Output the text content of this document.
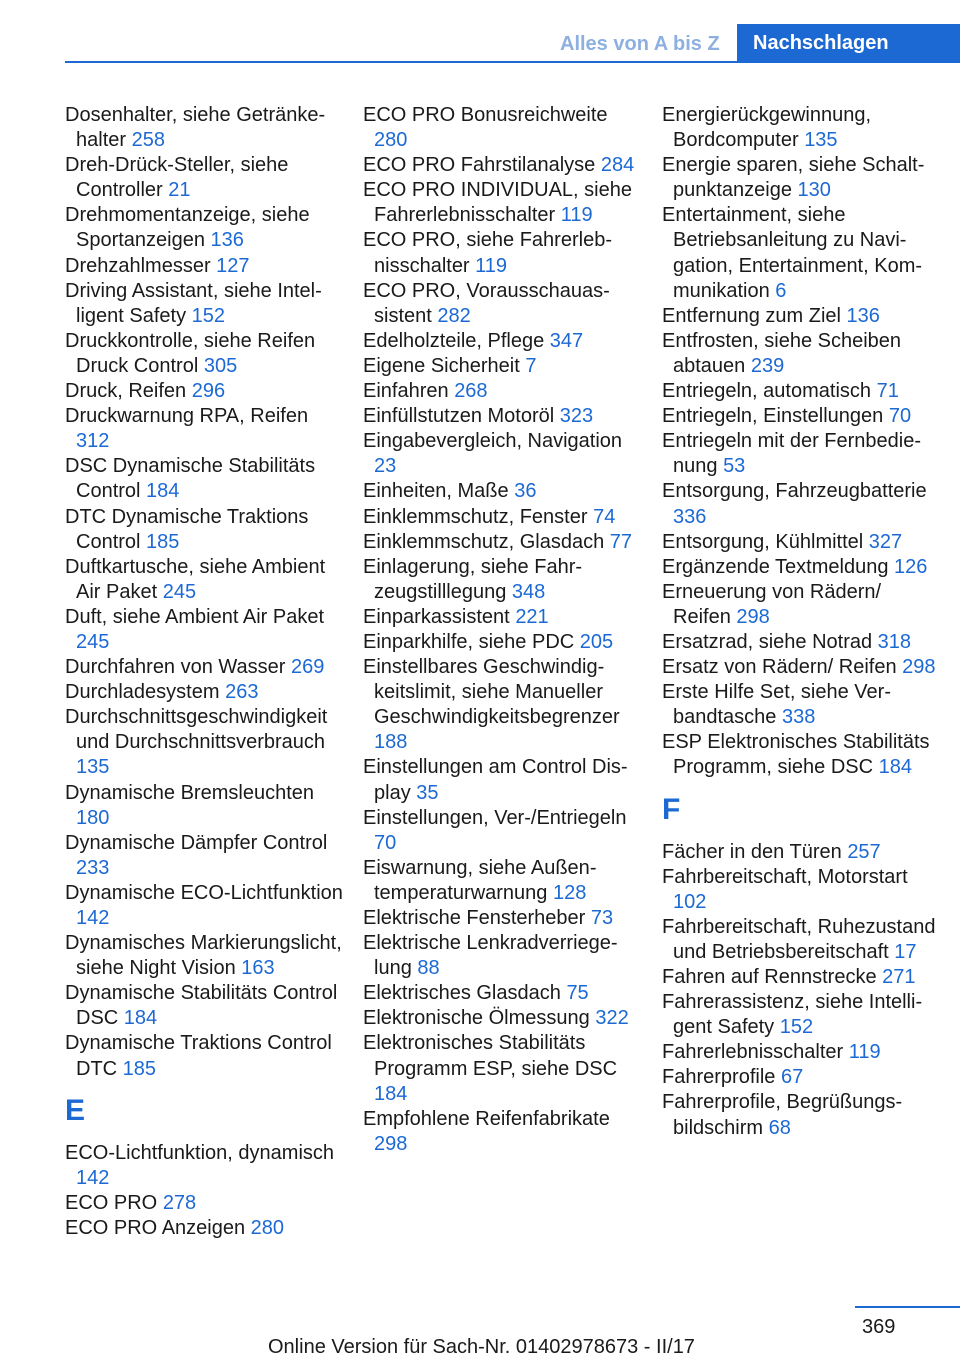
Alles von A bis Z	Nachschlagen
Dosenhalter, siehe Getränkehalter 258
Dreh-Drück-Steller, siehe Controller 21
Drehmomentanzeige, siehe Sportanzeigen 136
Drehzahlmesser 127
Driving Assistant, siehe Intelligent Safety 152
Druckkontrolle, siehe Reifen Druck Control 305
Druck, Reifen 296
Druckwarnung RPA, Reifen 312
DSC Dynamische Stabilitäts Control 184
DTC Dynamische Traktions Control 185
Duftkartusche, siehe Ambient Air Paket 245
Duft, siehe Ambient Air Paket 245
Durchfahren von Wasser 269
Durchladesystem 263
Durchschnittsgeschwindigkeit und Durchschnittsverbrauch 135
Dynamische Bremsleuchten 180
Dynamische Dämpfer Control 233
Dynamische ECO-Lichtfunktion 142
Dynamisches Markierungslicht, siehe Night Vision 163
Dynamische Stabilitäts Control DSC 184
Dynamische Traktions Control DTC 185
E
ECO-Lichtfunktion, dynamisch 142
ECO PRO 278
ECO PRO Anzeigen 280
ECO PRO Bonusreichweite 280
ECO PRO Fahrstilanalyse 284
ECO PRO INDIVIDUAL, siehe Fahrerlebnisschalter 119
ECO PRO, siehe Fahrerlebnisschalter 119
ECO PRO, Vorausschauassistent 282
Edelholzteile, Pflege 347
Eigene Sicherheit 7
Einfahren 268
Einfüllstutzen Motoröl 323
Eingabevergleich, Navigation 23
Einheiten, Maße 36
Einklemmschutz, Fenster 74
Einklemmschutz, Glasdach 77
Einlagerung, siehe Fahrzeugstilllegung 348
Einparkassistent 221
Einparkhilfe, siehe PDC 205
Einstellbares Geschwindigkeitslimit, siehe Manueller Geschwindigkeitsbegrenzer 188
Einstellungen am Control Display 35
Einstellungen, Ver-/Entriegeln 70
Eiswarnung, siehe Außentemperaturwarnung 128
Elektrische Fensterheber 73
Elektrische Lenkradverriegelung 88
Elektrisches Glasdach 75
Elektronische Ölmessung 322
Elektronisches Stabilitäts Programm ESP, siehe DSC 184
Empfohlene Reifenfabrikate 298
Energierückgewinnung, Bordcomputer 135
Energie sparen, siehe Schaltpunktanzeige 130
Entertainment, siehe Betriebsanleitung zu Navigation, Entertainment, Kommunikation 6
Entfernung zum Ziel 136
Entfrosten, siehe Scheiben abtauen 239
Entriegeln, automatisch 71
Entriegeln, Einstellungen 70
Entriegeln mit der Fernbedienung 53
Entsorgung, Fahrzeugbatterie 336
Entsorgung, Kühlmittel 327
Ergänzende Textmeldung 126
Erneuerung von Rädern/ Reifen 298
Ersatzrad, siehe Notrad 318
Ersatz von Rädern/ Reifen 298
Erste Hilfe Set, siehe Verbandtasche 338
ESP Elektronisches Stabilitäts Programm, siehe DSC 184
F
Fächer in den Türen 257
Fahrbereitschaft, Motorstart 102
Fahrbereitschaft, Ruhezustand und Betriebsbereitschaft 17
Fahren auf Rennstrecke 271
Fahrerassistenz, siehe Intelligent Safety 152
Fahrerlebnisschalter 119
Fahrerprofile 67
Fahrerprofile, Begrüßungsbildschirm 68
369
Online Version für Sach-Nr. 01402978673 - II/17
